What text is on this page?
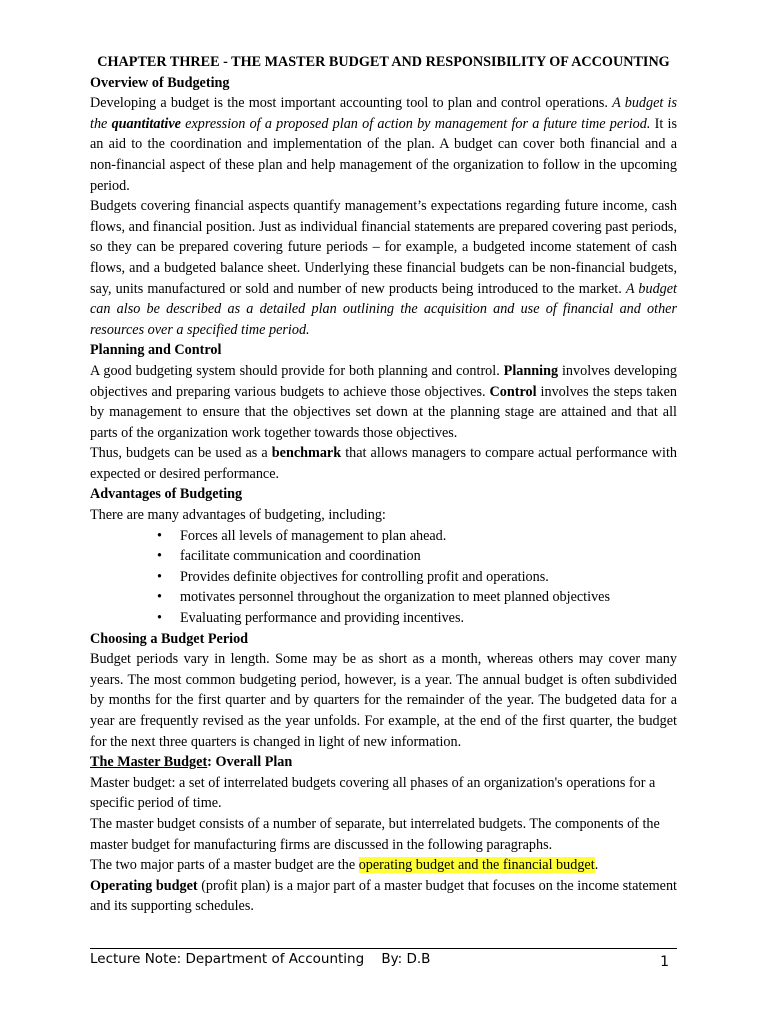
CHAPTER THREE - THE MASTER BUDGET AND RESPONSIBILITY OF ACCOUNTING

Overview of Budgeting

Developing a budget is the most important accounting tool to plan and control operations. A budget is the quantitative expression of a proposed plan of action by management for a future time period. It is an aid to the coordination and implementation of the plan. A budget can cover both financial and a non-financial aspect of these plan and help management of the organization to follow in the upcoming period.

Budgets covering financial aspects quantify management’s expectations regarding future income, cash flows, and financial position. Just as individual financial statements are prepared covering past periods, so they can be prepared covering future periods – for example, a budgeted income statement of cash flows, and a budgeted balance sheet. Underlying these financial budgets can be non-financial budgets, say, units manufactured or sold and number of new products being introduced to the market. A budget can also be described as a detailed plan outlining the acquisition and use of financial and other resources over a specified time period.

Planning and Control

A good budgeting system should provide for both planning and control. Planning involves developing objectives and preparing various budgets to achieve those objectives. Control involves the steps taken by management to ensure that the objectives set down at the planning stage are attained and that all parts of the organization work together towards those objectives.

Thus, budgets can be used as a benchmark that allows managers to compare actual performance with expected or desired performance.

Advantages of Budgeting

There are many advantages of budgeting, including:

• Forces all levels of management to plan ahead.
• facilitate communication and coordination
• Provides definite objectives for controlling profit and operations.
• motivates personnel throughout the organization to meet planned objectives
• Evaluating performance and providing incentives.
Choosing a Budget Period

Budget periods vary in length. Some may be as short as a month, whereas others may cover many years. The most common budgeting period, however, is a year. The annual budget is often subdivided by months for the first quarter and by quarters for the remainder of the year. The budgeted data for a year are frequently revised as the year unfolds. For example, at the end of the first quarter, the budget for the next three quarters is changed in light of new information.

The Master Budget: Overall Plan

Master budget: a set of interrelated budgets covering all phases of an organization's operations for a specific period of time.

The master budget consists of a number of separate, but interrelated budgets. The components of the master budget for manufacturing firms are discussed in the following paragraphs.

The two major parts of a master budget are the operating budget and the financial budget.

Operating budget (profit plan) is a major part of a master budget that focuses on the income statement and its supporting schedules.

Lecture Note: Department of Accounting    By: D.B	1
